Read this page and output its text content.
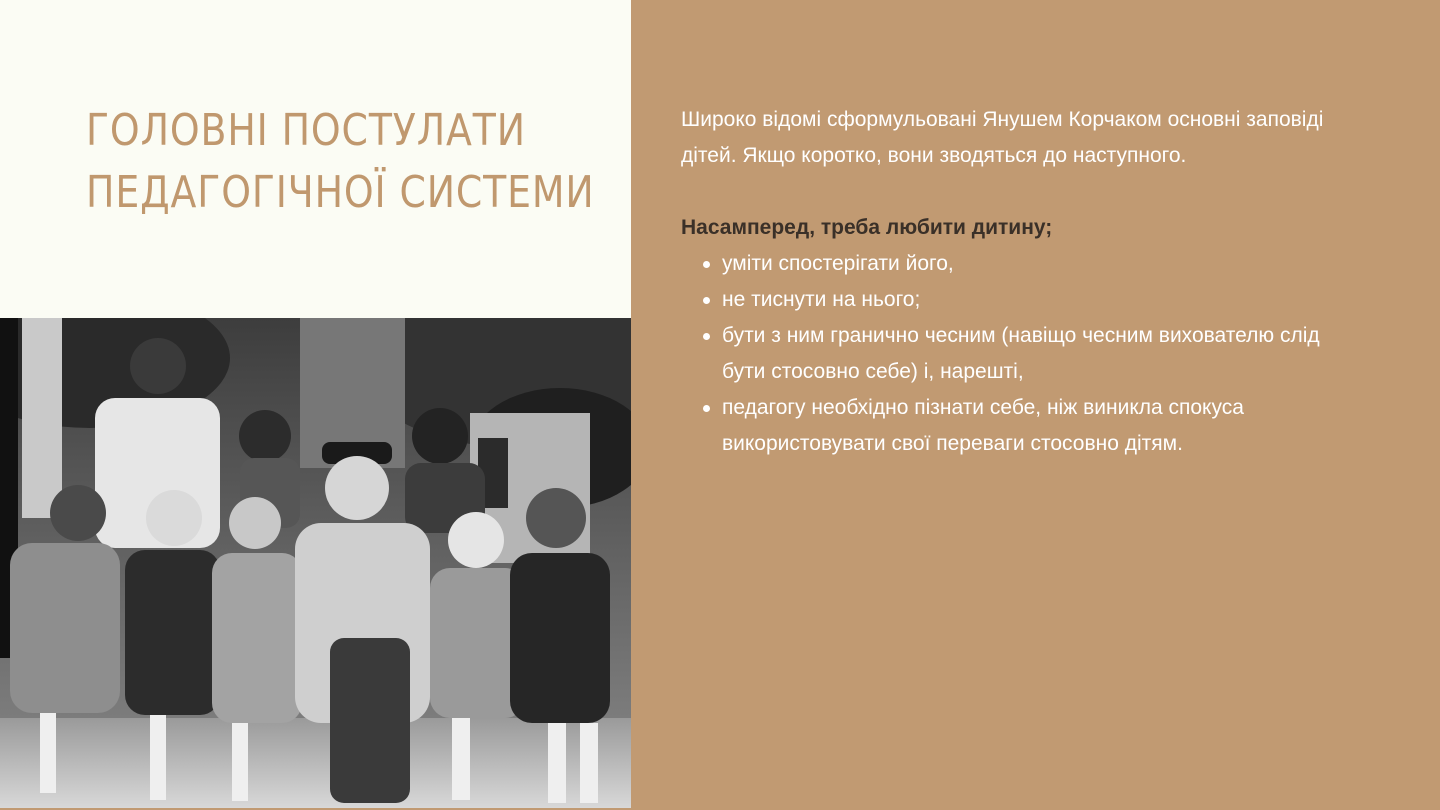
ГОЛОВНІ ПОСТУЛАТИ
ПЕДАГОГІЧНОЇ СИСТЕМИ

Широко відомі сформульовані Янушем Корчаком основні заповіді дітей. Якщо коротко, вони зводяться до наступного.

Насамперед, треба любити дитину;

уміти спостерігати його,
не тиснути на нього;
бути з ним гранично чесним (навіщо чесним вихователю слід бути стосовно себе) і, нарешті,
педагогу необхідно пізнати себе, ніж виникла спокуса використовувати свої переваги стосовно дітям.
